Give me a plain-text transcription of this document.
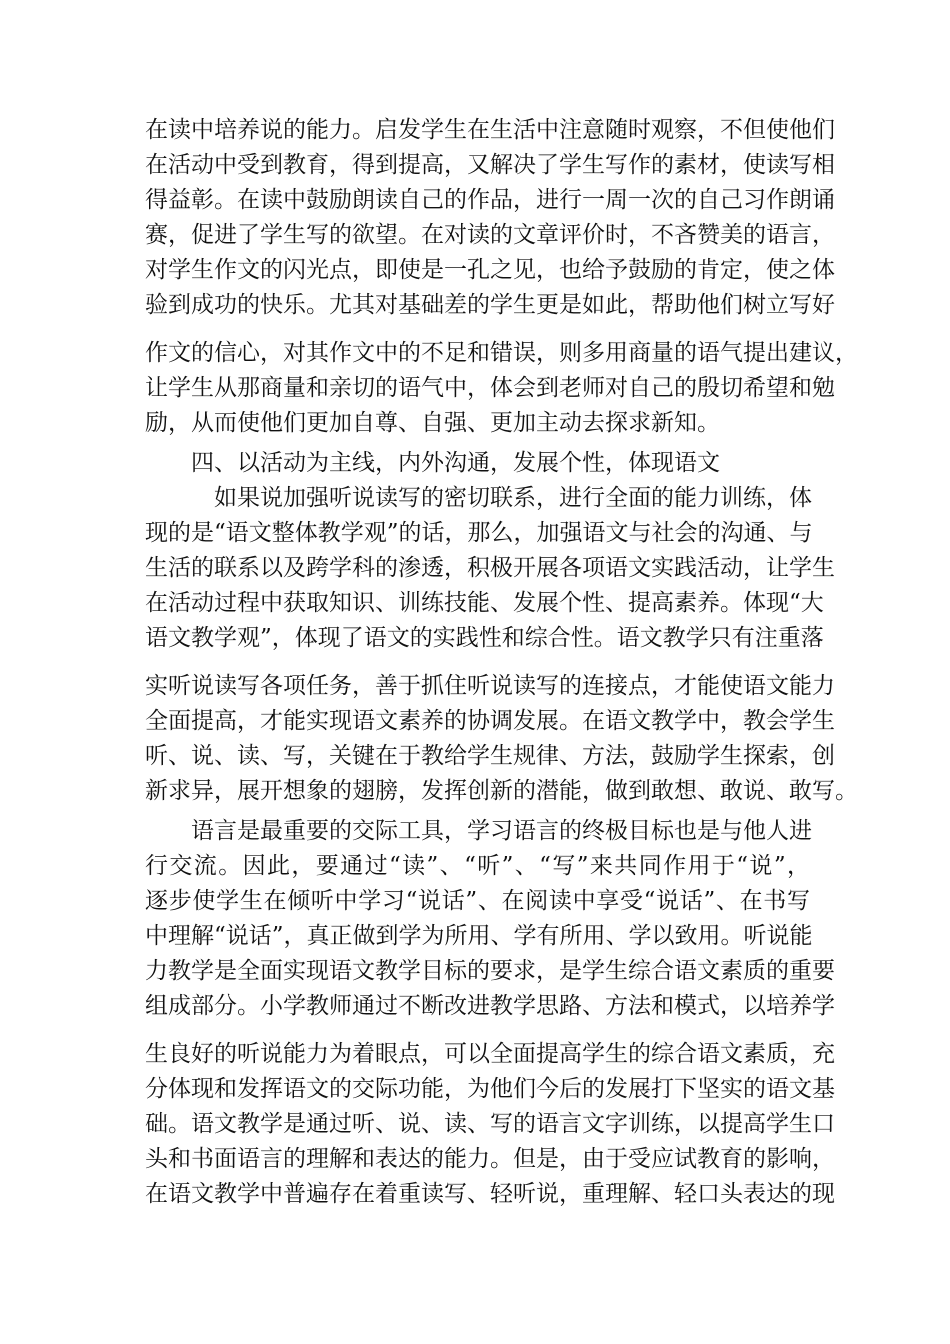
在读中培养说的能力。启发学生在生活中注意随时观察，不但使他们

在活动中受到教育，得到提高，又解决了学生写作的素材，使读写相

得益彰。在读中鼓励朗读自己的作品，进行一周一次的自己习作朗诵

赛，促进了学生写的欲望。在对读的文章评价时，不吝赞美的语言，

对学生作文的闪光点，即使是一孔之见，也给予鼓励的肯定，使之体

验到成功的快乐。尤其对基础差的学生更是如此，帮助他们树立写好

作文的信心，对其作文中的不足和错误，则多用商量的语气提出建议，

让学生从那商量和亲切的语气中，体会到老师对自己的殷切希望和勉

励，从而使他们更加自尊、自强、更加主动去探求新知。

　　四、以活动为主线，内外沟通，发展个性，体现语文

　　　如果说加强听说读写的密切联系，进行全面的能力训练，体

现的是“语文整体教学观”的话，那么，加强语文与社会的沟通、与

生活的联系以及跨学科的渗透，积极开展各项语文实践活动，让学生

在活动过程中获取知识、训练技能、发展个性、提高素养。体现“大

语文教学观”，体现了语文的实践性和综合性。语文教学只有注重落

实听说读写各项任务，善于抓住听说读写的连接点，才能使语文能力

全面提高，才能实现语文素养的协调发展。在语文教学中，教会学生

听、说、读、写，关键在于教给学生规律、方法，鼓励学生探索，创

新求异，展开想象的翅膀，发挥创新的潜能，做到敢想、敢说、敢写。

　　语言是最重要的交际工具，学习语言的终极目标也是与他人进

行交流。因此，要通过“读”、“听”、“写”来共同作用于“说”，

逐步使学生在倾听中学习“说话”、在阅读中享受“说话”、在书写

中理解“说话”，真正做到学为所用、学有所用、学以致用。听说能

力教学是全面实现语文教学目标的要求，是学生综合语文素质的重要

组成部分。小学教师通过不断改进教学思路、方法和模式，以培养学

生良好的听说能力为着眼点，可以全面提高学生的综合语文素质，充

分体现和发挥语文的交际功能，为他们今后的发展打下坚实的语文基

础。语文教学是通过听、说、读、写的语言文字训练，以提高学生口

头和书面语言的理解和表达的能力。但是，由于受应试教育的影响，

在语文教学中普遍存在着重读写、轻听说，重理解、轻口头表达的现
